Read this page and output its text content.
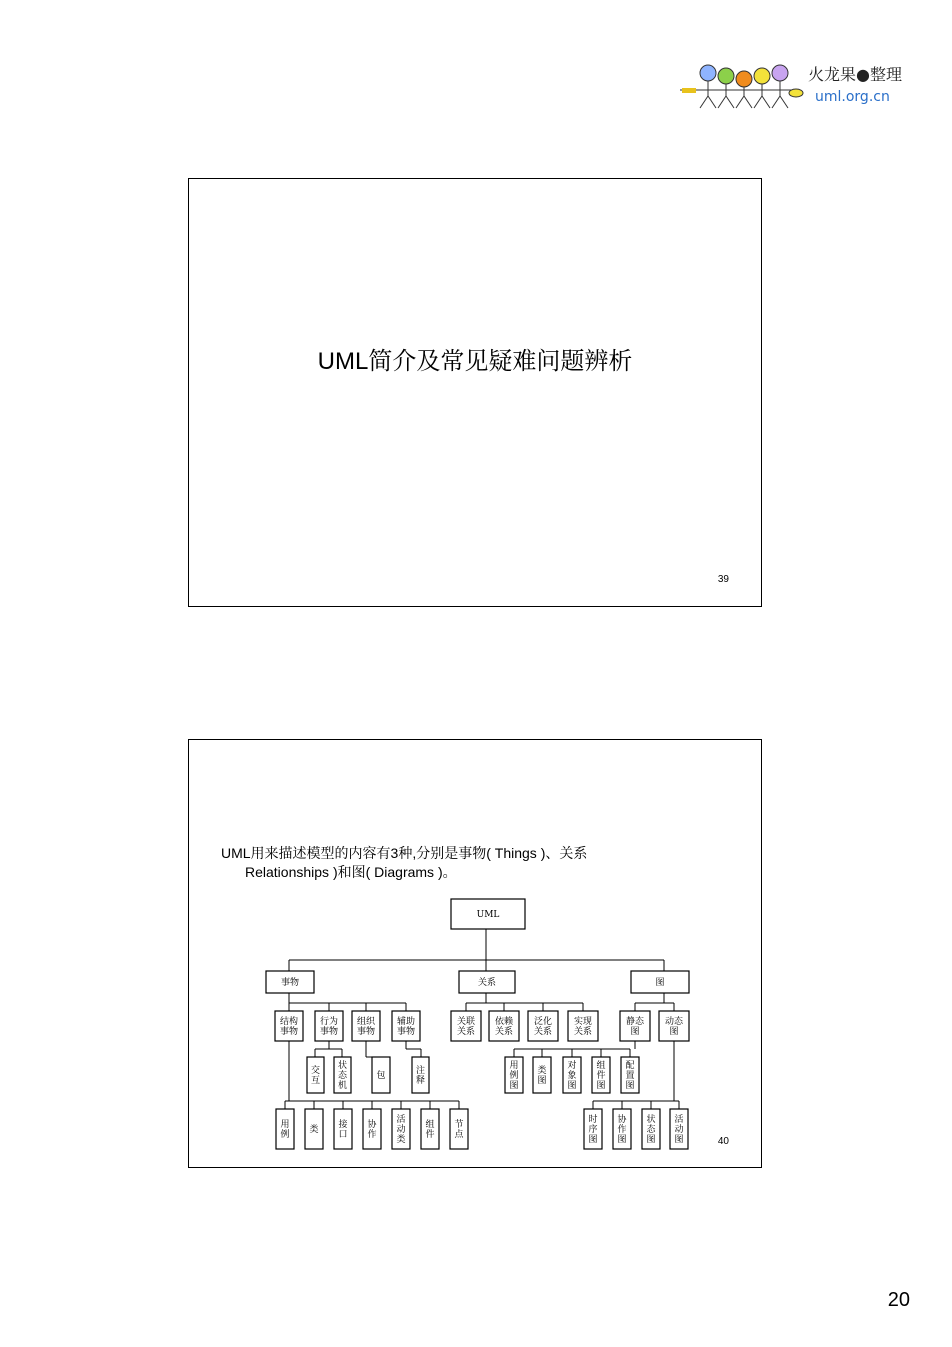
火龙果●整理
uml.org.cn
UML简介及常见疑难问题辨析
39
UML用来描述模型的内容有3种,分别是事物( Things )、关系
Relationships )和图( Diagrams )。
UML
事物	关系	图
结构
事物
行为
事物
组织
事物
辅助
事物
关联
关系
依赖
关系
泛化
关系
实现
关系
静态
图
动态
图
交
互
状
态
机
包	注
释
用
例 类 接
口
协
作
活
动
类
组
件
节
点
用
例
图
类
图
对
象
图
组
件
图
配
置
图
时
序
图
协
作
图
状
态
图
活
动
图	40
20
